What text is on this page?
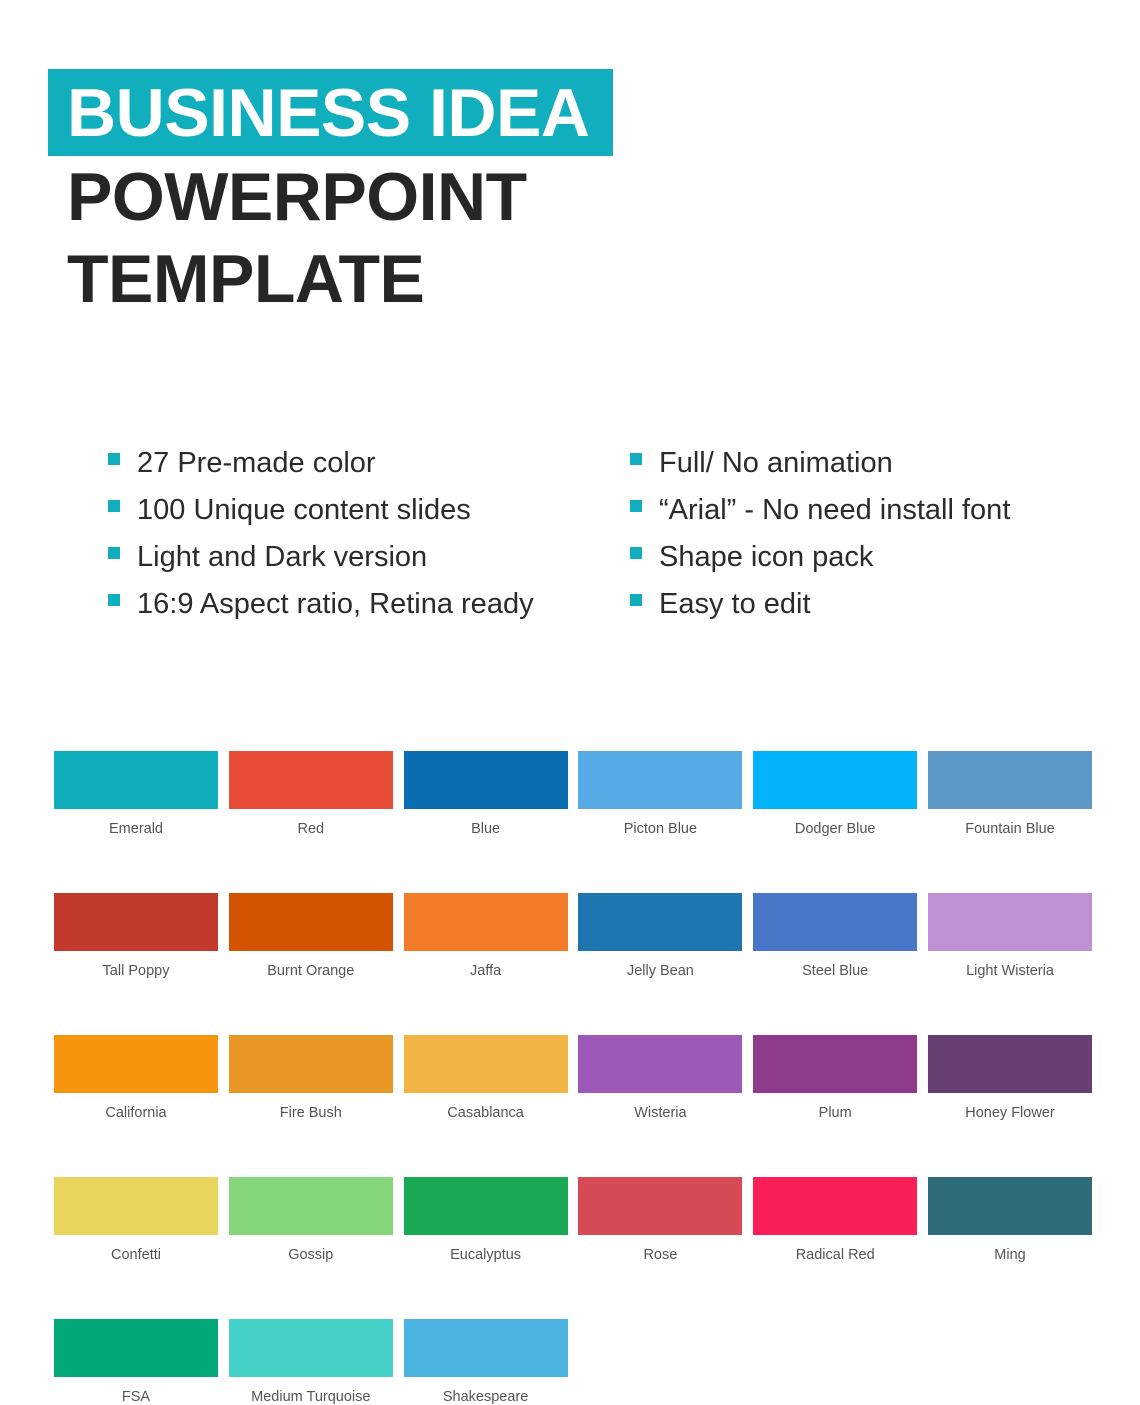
BUSINESS IDEA
POWERPOINT
TEMPLATE
27 Pre-made color
100 Unique content slides
Light and Dark version
16:9 Aspect ratio, Retina ready
Full/ No animation
“Arial” - No need install font
Shape icon pack
Easy to edit
Emerald	Red	Blue	Picton Blue	Dodger Blue	Fountain Blue
Tall Poppy	Burnt Orange	Jaffa	Jelly Bean	Steel Blue	Light Wisteria
California	Fire Bush	Casablanca	Wisteria	Plum	Honey Flower
Confetti	Gossip	Eucalyptus	Rose	Radical Red	Ming
FSA	Medium Turquoise	Shakespeare
